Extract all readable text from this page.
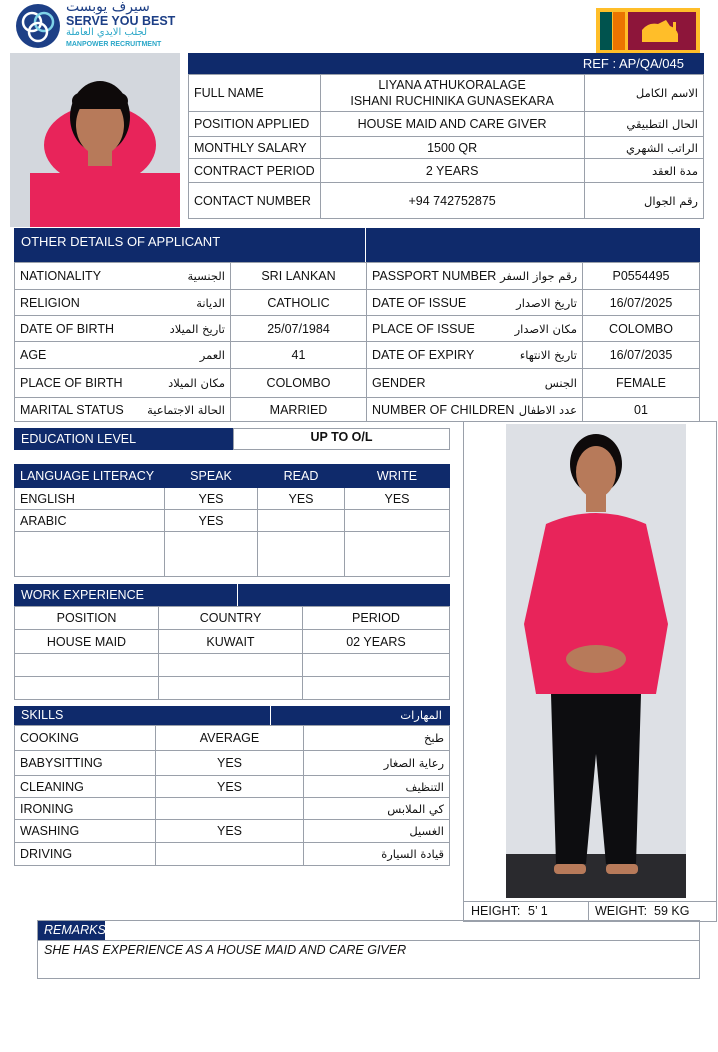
سيرف يوبست
SERVE YOU BEST
لجلب الايدي العاملة
MANPOWER RECRUITMENT
REF : AP/QA/045
FULL NAME	LIYANA ATHUKORALAGE
ISHANI RUCHINIKA GUNASEKARA	الاسم الكامل
POSITION APPLIED	HOUSE MAID AND CARE GIVER	الحال التطبيقي
MONTHLY SALARY	1500 QR	الراتب الشهري
CONTRACT PERIOD	2 YEARS	مدة العقد
CONTACT NUMBER	+94 742752875	رقم الجوال
OTHER DETAILS OF APPLICANT
NATIONALITY الجنسية	SRI LANKAN	PASSPORT NUMBER رقم جواز السفر	P0554495

RELIGION الديانة	CATHOLIC	DATE OF ISSUE تاريخ الاصدار	16/07/2025

DATE OF BIRTH تاريخ الميلاد	25/07/1984	PLACE OF ISSUE مكان الاصدار	COLOMBO

AGE العمر	41	DATE OF EXPIRY تاريخ الانتهاء	16/07/2035

PLACE OF BIRTH مكان الميلاد	COLOMBO	GENDER الجنس	FEMALE

MARITAL STATUS الحالة الاجتماعية	MARRIED	NUMBER OF CHILDREN عدد الاطفال	01
EDUCATION LEVEL	UP TO O/L
LANGUAGE LITERACY	SPEAK	READ	WRITE
ENGLISH	YES	YES	YES
ARABIC	YES		

WORK EXPERIENCE
POSITION	COUNTRY	PERIOD
HOUSE MAID	KUWAIT	02 YEARS

SKILLS	المهارات
COOKING	AVERAGE	طبخ
BABYSITTING	YES	رعاية الصغار
CLEANING	YES	التنظيف
IRONING		كي الملابس
WASHING	YES	الغسيل
DRIVING		قيادة السيارة
HEIGHT: 5’ 1	WEIGHT: 59 KG
REMARKS
SHE HAS EXPERIENCE AS A HOUSE MAID AND CARE GIVER
